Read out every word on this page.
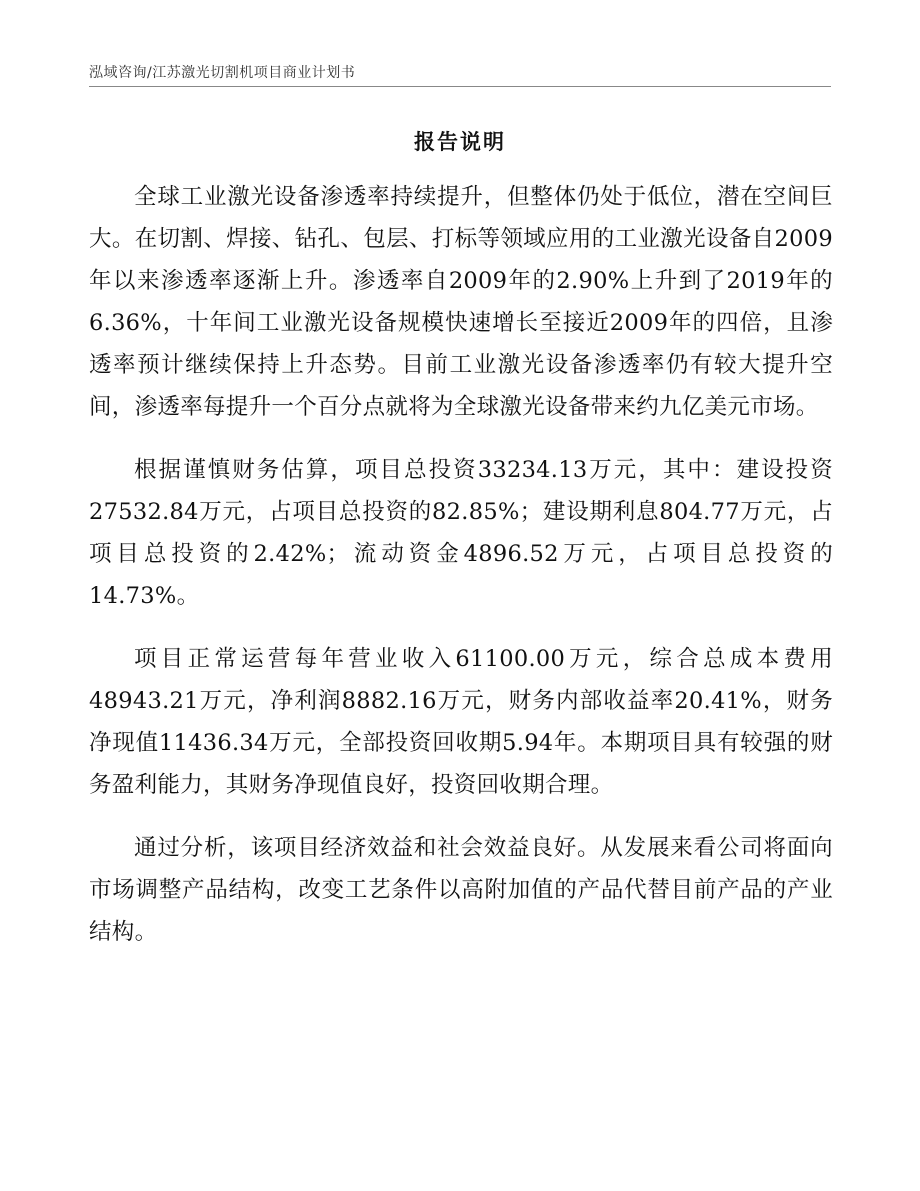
泓域咨询/江苏激光切割机项目商业计划书
报告说明

全球工业激光设备渗透率持续提升，但整体仍处于低位，潜在空间巨大。在切割、焊接、钻孔、包层、打标等领域应用的工业激光设备自2009年以来渗透率逐渐上升。渗透率自2009年的2.90%上升到了2019年的6.36%，十年间工业激光设备规模快速增长至接近2009年的四倍，且渗透率预计继续保持上升态势。目前工业激光设备渗透率仍有较大提升空间，渗透率每提升一个百分点就将为全球激光设备带来约九亿美元市场。

根据谨慎财务估算，项目总投资33234.13万元，其中：建设投资27532.84万元，占项目总投资的82.85%；建设期利息804.77万元，占项目总投资的2.42%；流动资金4896.52万元，占项目总投资的14.73%。

项目正常运营每年营业收入61100.00万元，综合总成本费用48943.21万元，净利润8882.16万元，财务内部收益率20.41%，财务净现值11436.34万元，全部投资回收期5.94年。本期项目具有较强的财务盈利能力，其财务净现值良好，投资回收期合理。

通过分析，该项目经济效益和社会效益良好。从发展来看公司将面向市场调整产品结构，改变工艺条件以高附加值的产品代替目前产品的产业结构。
